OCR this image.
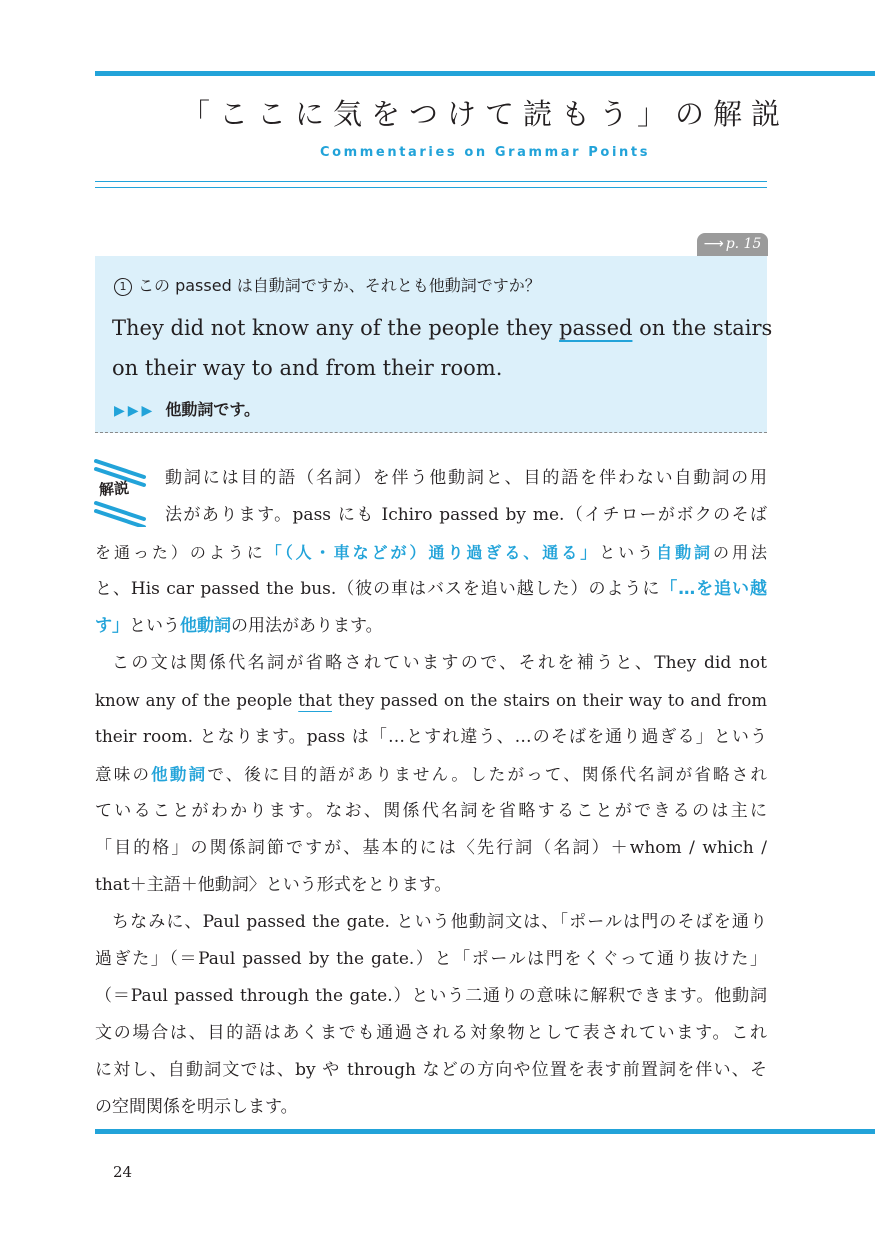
「ここに気をつけて読もう」の解説
Commentaries on Grammar Points
⟶ p. 15
1 この passed は自動詞ですか、それとも他動詞ですか？
They did not know any of the people they passed on the stairs
on their way to and from their room.
▶▶▶ 他動詞です。
解説
動詞には目的語（名詞）を伴う他動詞と、目的語を伴わない自動詞の用
法があります。pass にも Ichiro passed by me.（イチローがボクのそば
を通った）のように「（人・車などが）通り過ぎる、通る」という自動詞の用法
と、His car passed the bus.（彼の車はバスを追い越した）のように「…を追い越
す」という他動詞の用法があります。
この文は関係代名詞が省略されていますので、それを補うと、They did not
know any of the people that they passed on the stairs on their way to and from
their room. となります。pass は「…とすれ違う、…のそばを通り過ぎる」という
意味の他動詞で、後に目的語がありません。したがって、関係代名詞が省略され
ていることがわかります。なお、関係代名詞を省略することができるのは主に
「目的格」の関係詞節ですが、基本的には〈先行詞（名詞）＋whom / which /
that＋主語＋他動詞〉という形式をとります。
ちなみに、Paul passed the gate. という他動詞文は、「ポールは門のそばを通り
過ぎた」（＝Paul passed by the gate.）と「ポールは門をくぐって通り抜けた」
（＝Paul passed through the gate.）という二通りの意味に解釈できます。他動詞
文の場合は、目的語はあくまでも通過される対象物として表されています。これ
に対し、自動詞文では、by や through などの方向や位置を表す前置詞を伴い、そ
の空間関係を明示します。
24
